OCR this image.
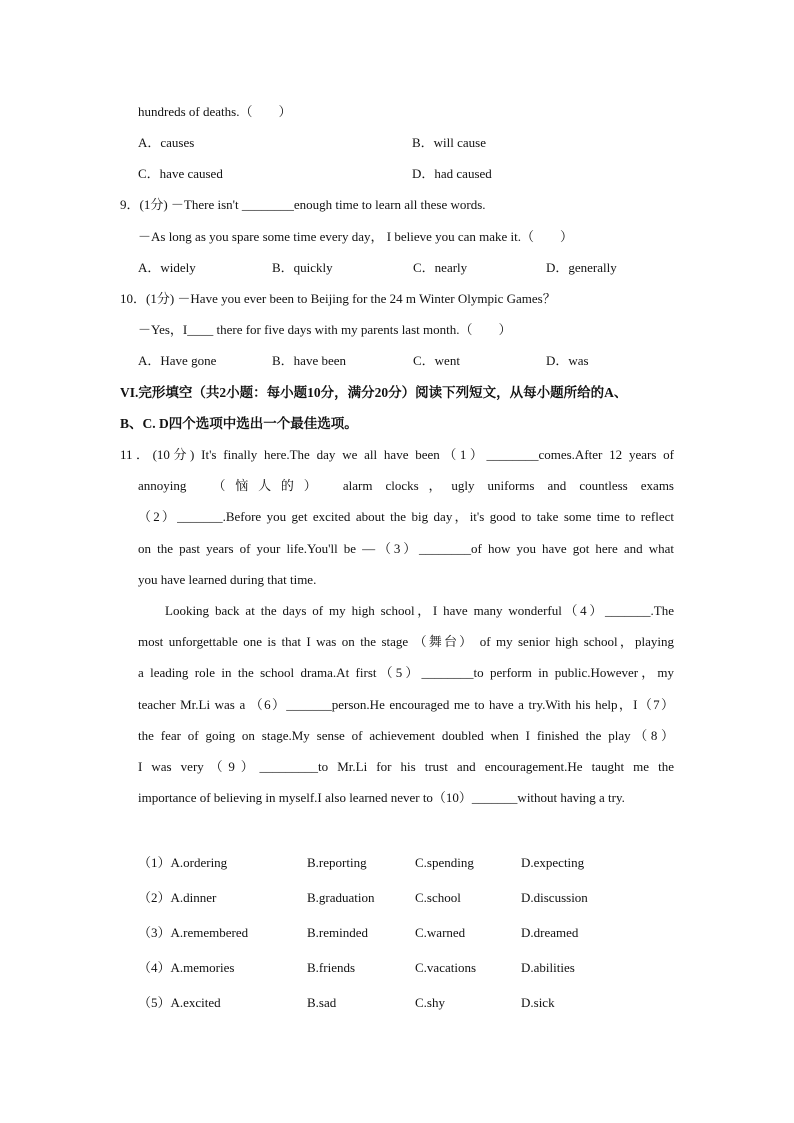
hundreds of deaths.（　　）
A．causes	B．will cause
C．have caused	D．had caused
9．(1分) －There isn't ________enough time to learn all these words.
－As long as you spare some time every day， I believe you can make it.（　　）
A．widely	B．quickly	C．nearly	D．generally
10．(1分) －Have you ever been to Beijing for the 24 m Winter Olympic Games？
－Yes，I____ there for five days with my parents last month.（　　）
A．Have gone	B．have been	C．went	D．was
VI.完形填空（共2小题：每小题10分，满分20分）阅读下列短文，从每小题所给的A、
B、C. D四个选项中选出一个最佳选项。
11．(10分) It's finally here.The day we all have been（1）________comes.After 12 years of
annoying　（恼人的）　alarm clocks，ugly uniforms and countless exams
（2）_______.Before you get excited about the big day，it's good to take some time to reflect
on the past years of your life.You'll be —（3）________of how you have got here and what
you have learned during that time.
Looking back at the days of my high school，I have many wonderful（4）_______.The
most unforgettable one is that I was on the stage （舞台） of my senior high school，playing
a leading role in the school drama.At first（5）________to perform in public.However，my
teacher Mr.Li was a （6）_______person.He encouraged me to have a try.With his help，I（7）
the fear of going on stage.My sense of achievement doubled when I finished the play（8）
I was very（9）_________to Mr.Li for his trust and encouragement.He taught me the
importance of believing in myself.I also learned never to（10）_______without having a try.
（1）A.ordering	B.reporting	C.spending	D.expecting
（2）A.dinner	B.graduation	C.school	D.discussion
（3）A.remembered	B.reminded	C.warned	D.dreamed
（4）A.memories	B.friends	C.vacations	D.abilities
（5）A.excited	B.sad	C.shy	D.sick
